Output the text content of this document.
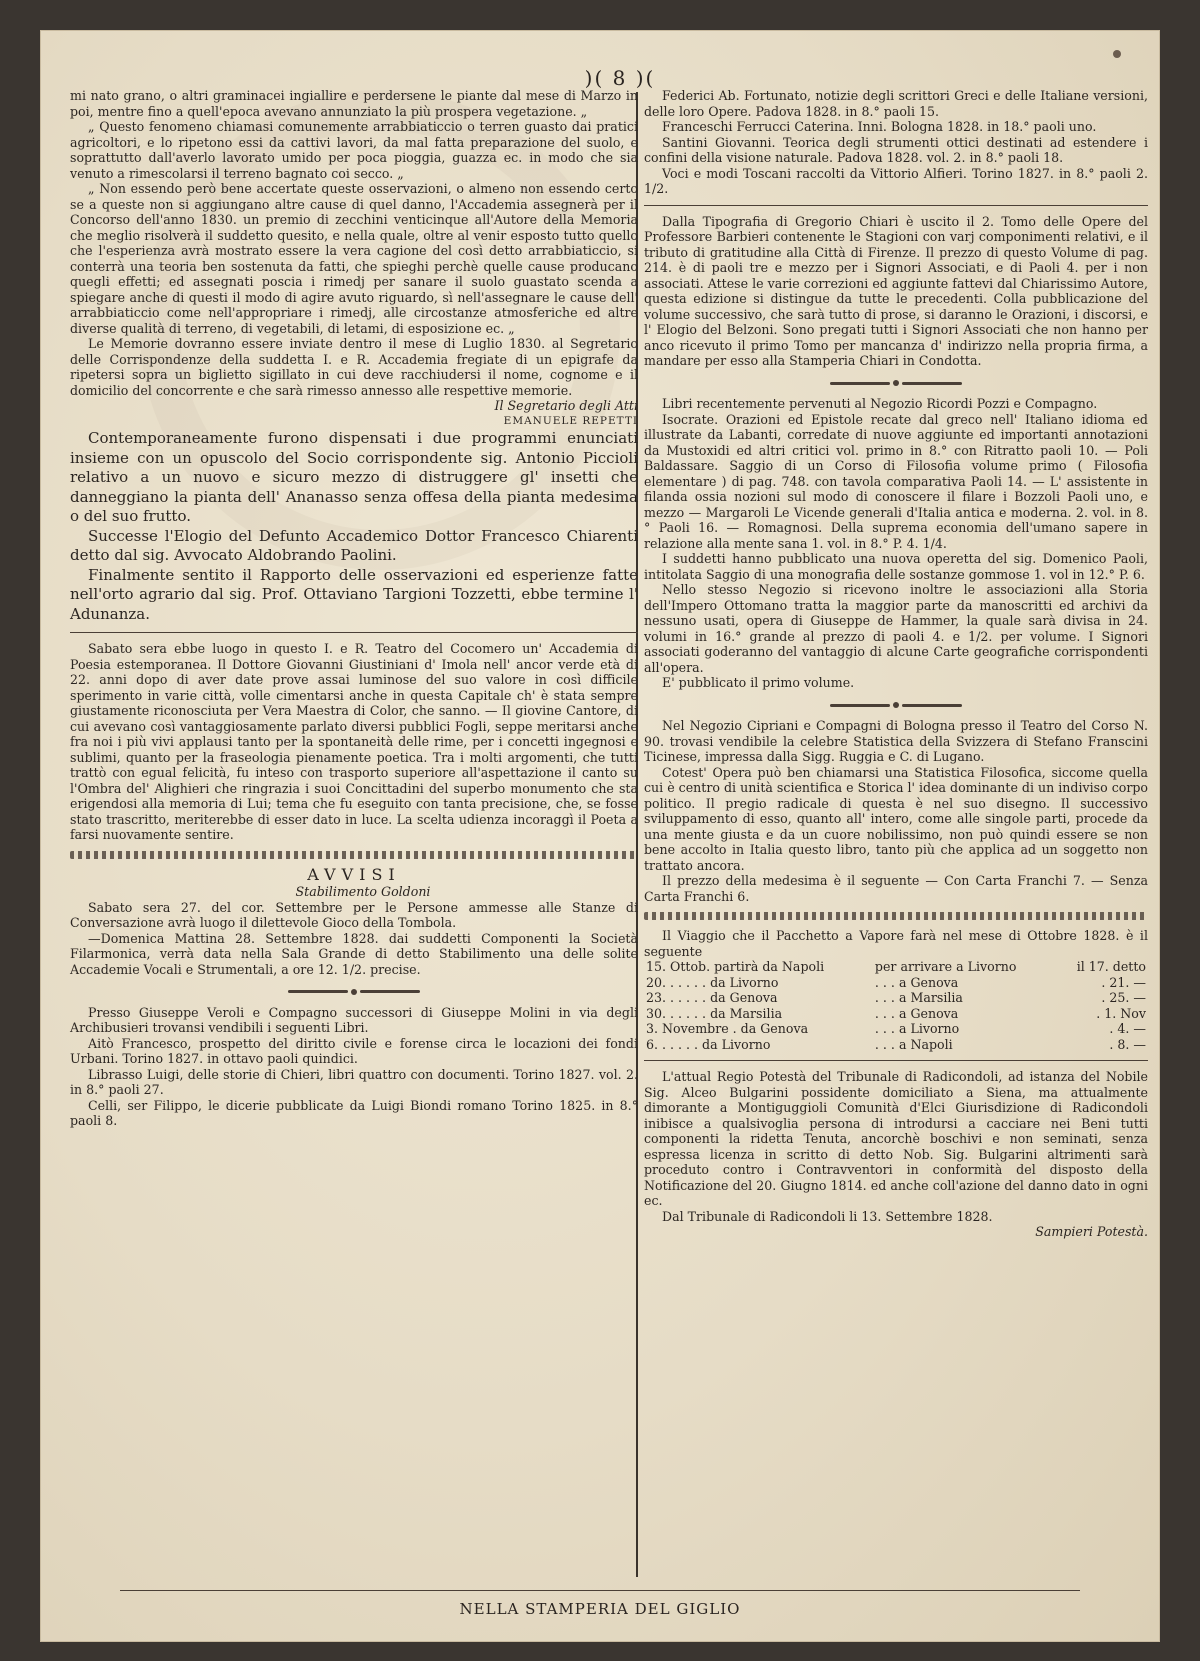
)( 8 )(

mi nato grano, o altri graminacei ingiallire e perdersene le piante dal mese di Marzo in poi, mentre fino a quell'epoca avevano annunziato la più prospera vegetazione. „

„ Questo fenomeno chiamasi comunemente arrabbiaticcio o terren guasto dai pratici agricoltori, e lo ripetono essi da cattivi lavori, da mal fatta preparazione del suolo, e soprattutto dall'averlo lavorato umido per poca pioggia, guazza ec. in modo che sia venuto a rimescolarsi il terreno bagnato coi secco. „

„ Non essendo però bene accertate queste osservazioni, o almeno non essendo certo se a queste non si aggiungano altre cause di quel danno, l'Accademia assegnerà per il Concorso dell'anno 1830. un premio di zecchini venticinque all'Autore della Memoria che meglio risolverà il suddetto quesito, e nella quale, oltre al venir esposto tutto quello che l'esperienza avrà mostrato essere la vera cagione del così detto arrabbiaticcio, si conterrà una teoria ben sostenuta da fatti, che spieghi perchè quelle cause producano quegli effetti; ed assegnati poscia i rimedj per sanare il suolo guastato scenda a spiegare anche di questi il modo di agire avuto riguardo, sì nell'assegnare le cause dell' arrabbiaticcio come nell'appropriare i rimedj, alle circostanze atmosferiche ed altre diverse qualità di terreno, di vegetabili, di letami, di esposizione ec. „

Le Memorie dovranno essere inviate dentro il mese di Luglio 1830. al Segretario delle Corrispondenze della suddetta I. e R. Accademia fregiate di un epigrafe da ripetersi sopra un biglietto sigillato in cui deve racchiudersi il nome, cognome e il domicilio del concorrente e che sarà rimesso annesso alle respettive memorie.

Il Segretario degli Atti

EMANUELE REPETTI

Contemporaneamente furono dispensati i due programmi enunciati insieme con un opuscolo del Socio corrispondente sig. Antonio Piccioli relativo a un nuovo e sicuro mezzo di distruggere gl' insetti che danneggiano la pianta dell' Ananasso senza offesa della pianta medesima o del suo frutto.

Successe l'Elogio del Defunto Accademico Dottor Francesco Chiarenti detto dal sig. Avvocato Aldobrando Paolini.

Finalmente sentito il Rapporto delle osservazioni ed esperienze fatte nell'orto agrario dal sig. Prof. Ottaviano Targioni Tozzetti, ebbe termine l' Adunanza.

Sabato sera ebbe luogo in questo I. e R. Teatro del Cocomero un' Accademia di Poesia estemporanea. Il Dottore Giovanni Giustiniani d' Imola nell' ancor verde età di 22. anni dopo di aver date prove assai luminose del suo valore in così difficile sperimento in varie città, volle cimentarsi anche in questa Capitale ch' è stata sempre giustamente riconosciuta per Vera Maestra di Color, che sanno. — Il giovine Cantore, di cui avevano così vantaggiosamente parlato diversi pubblici Fogli, seppe meritarsi anche fra noi i più vivi applausi tanto per la spontaneità delle rime, per i concetti ingegnosi e sublimi, quanto per la fraseologia pienamente poetica. Tra i molti argomenti, che tutti trattò con egual felicità, fu inteso con trasporto superiore all'aspettazione il canto su l'Ombra del' Alighieri che ringrazia i suoi Concittadini del superbo monumento che sta erigendosi alla memoria di Lui; tema che fu eseguito con tanta precisione, che, se fosse stato trascritto, meriterebbe di esser dato in luce. La scelta udienza incoraggì il Poeta a farsi nuovamente sentire.

AVVISI

Stabilimento Goldoni

Sabato sera 27. del cor. Settembre per le Persone ammesse alle Stanze di Conversazione avrà luogo il dilettevole Gioco della Tombola.

—Domenica Mattina 28. Settembre 1828. dai suddetti Componenti la Società Filarmonica, verrà data nella Sala Grande di detto Stabilimento una delle solite Accademie Vocali e Strumentali, a ore 12. 1/2. precise.

Presso Giuseppe Veroli e Compagno successori di Giuseppe Molini in via degli Archibusieri trovansi vendibili i seguenti Libri.

Aitò Francesco, prospetto del diritto civile e forense circa le locazioni dei fondi Urbani. Torino 1827. in ottavo paoli quindici.

Librasso Luigi, delle storie di Chieri, libri quattro con documenti. Torino 1827. vol. 2. in 8.° paoli 27.

Celli, ser Filippo, le dicerie pubblicate da Luigi Biondi romano Torino 1825. in 8.° paoli 8.

Federici Ab. Fortunato, notizie degli scrittori Greci e delle Italiane versioni, delle loro Opere. Padova 1828. in 8.° paoli 15.

Franceschi Ferrucci Caterina. Inni. Bologna 1828. in 18.° paoli uno.

Santini Giovanni. Teorica degli strumenti ottici destinati ad estendere i confini della visione naturale. Padova 1828. vol. 2. in 8.° paoli 18.

Voci e modi Toscani raccolti da Vittorio Alfieri. Torino 1827. in 8.° paoli 2. 1/2.

Dalla Tipografia di Gregorio Chiari è uscito il 2. Tomo delle Opere del Professore Barbieri contenente le Stagioni con varj componimenti relativi, e il tributo di gratitudine alla Città di Firenze. Il prezzo di questo Volume di pag. 214. è di paoli tre e mezzo per i Signori Associati, e di Paoli 4. per i non associati. Attese le varie correzioni ed aggiunte fattevi dal Chiarissimo Autore, questa edizione si distingue da tutte le precedenti. Colla pubblicazione del volume successivo, che sarà tutto di prose, si daranno le Orazioni, i discorsi, e l' Elogio del Belzoni. Sono pregati tutti i Signori Associati che non hanno per anco ricevuto il primo Tomo per mancanza d' indirizzo nella propria firma, a mandare per esso alla Stamperia Chiari in Condotta.

Libri recentemente pervenuti al Negozio Ricordi Pozzi e Compagno.

Isocrate. Orazioni ed Epistole recate dal greco nell' Italiano idioma ed illustrate da Labanti, corredate di nuove aggiunte ed importanti annotazioni da Mustoxidi ed altri critici vol. primo in 8.° con Ritratto paoli 10. — Poli Baldassare. Saggio di un Corso di Filosofia volume primo ( Filosofia elementare ) di pag. 748. con tavola comparativa Paoli 14. — L' assistente in filanda ossia nozioni sul modo di conoscere il filare i Bozzoli Paoli uno, e mezzo — Margaroli Le Vicende generali d'Italia antica e moderna. 2. vol. in 8.° Paoli 16. — Romagnosi. Della suprema economia dell'umano sapere in relazione alla mente sana 1. vol. in 8.° P. 4. 1/4.

I suddetti hanno pubblicato una nuova operetta del sig. Domenico Paoli, intitolata Saggio di una monografia delle sostanze gommose 1. vol in 12.° P. 6.

Nello stesso Negozio si ricevono inoltre le associazioni alla Storia dell'Impero Ottomano tratta la maggior parte da manoscritti ed archivi da nessuno usati, opera di Giuseppe de Hammer, la quale sarà divisa in 24. volumi in 16.° grande al prezzo di paoli 4. e 1/2. per volume. I Signori associati goderanno del vantaggio di alcune Carte geografiche corrispondenti all'opera.

E' pubblicato il primo volume.

Nel Negozio Cipriani e Compagni di Bologna presso il Teatro del Corso N. 90. trovasi vendibile la celebre Statistica della Svizzera di Stefano Franscini Ticinese, impressa dalla Sigg. Ruggia e C. di Lugano.

Cotest' Opera può ben chiamarsi una Statistica Filosofica, siccome quella cui è centro di unità scientifica e Storica l' idea dominante di un indiviso corpo politico. Il pregio radicale di questa è nel suo disegno. Il successivo sviluppamento di esso, quanto all' intero, come alle singole parti, procede da una mente giusta e da un cuore nobilissimo, non può quindi essere se non bene accolto in Italia questo libro, tanto più che applica ad un soggetto non trattato ancora.

Il prezzo della medesima è il seguente — Con Carta Franchi 7. — Senza Carta Franchi 6.

Il Viaggio che il Pacchetto a Vapore farà nel mese di Ottobre 1828. è il seguente

15. Ottob. partirà da Napoli	per arrivare a Livorno	il 17. detto
20. . . . . . da Livorno	. . . a Genova	. 21. —
23. . . . . . da Genova	. . . a Marsilia	. 25. —
30. . . . . . da Marsilia	. . . a Genova	. 1. Nov
3. Novembre . da Genova	. . . a Livorno	. 4. —
6. . . . . . da Livorno	. . . a Napoli	. 8. —

L'attual Regio Potestà del Tribunale di Radicondoli, ad istanza del Nobile Sig. Alceo Bulgarini possidente domiciliato a Siena, ma attualmente dimorante a Montiguggioli Comunità d'Elci Giurisdizione di Radicondoli inibisce a qualsivoglia persona di introdursi a cacciare nei Beni tutti componenti la ridetta Tenuta, ancorchè boschivi e non seminati, senza espressa licenza in scritto di detto Nob. Sig. Bulgarini altrimenti sarà proceduto contro i Contravventori in conformità del disposto della Notificazione del 20. Giugno 1814. ed anche coll'azione del danno dato in ogni ec.

Dal Tribunale di Radicondoli li 13. Settembre 1828.

Sampieri Potestà.

NELLA STAMPERIA DEL GIGLIO
